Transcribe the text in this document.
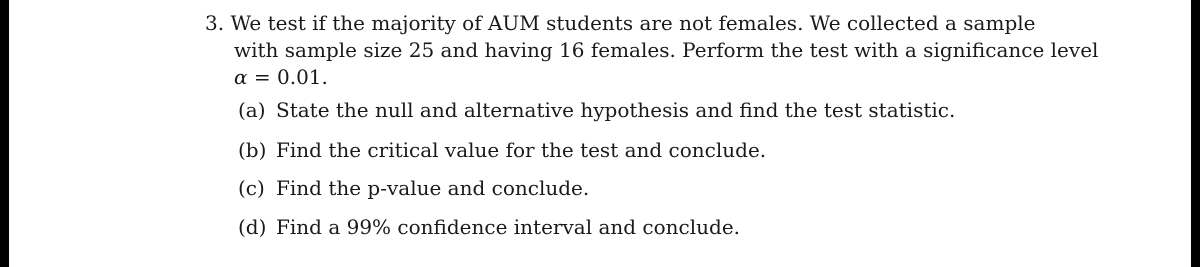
3. We test if the majority of AUM students are not females. We collected a sample
with sample size 25 and having 16 females. Perform the test with a significance level
α = 0.01.
(a) State the null and alternative hypothesis and find the test statistic.
(b) Find the critical value for the test and conclude.
(c) Find the p-value and conclude.
(d) Find a 99% confidence interval and conclude.
